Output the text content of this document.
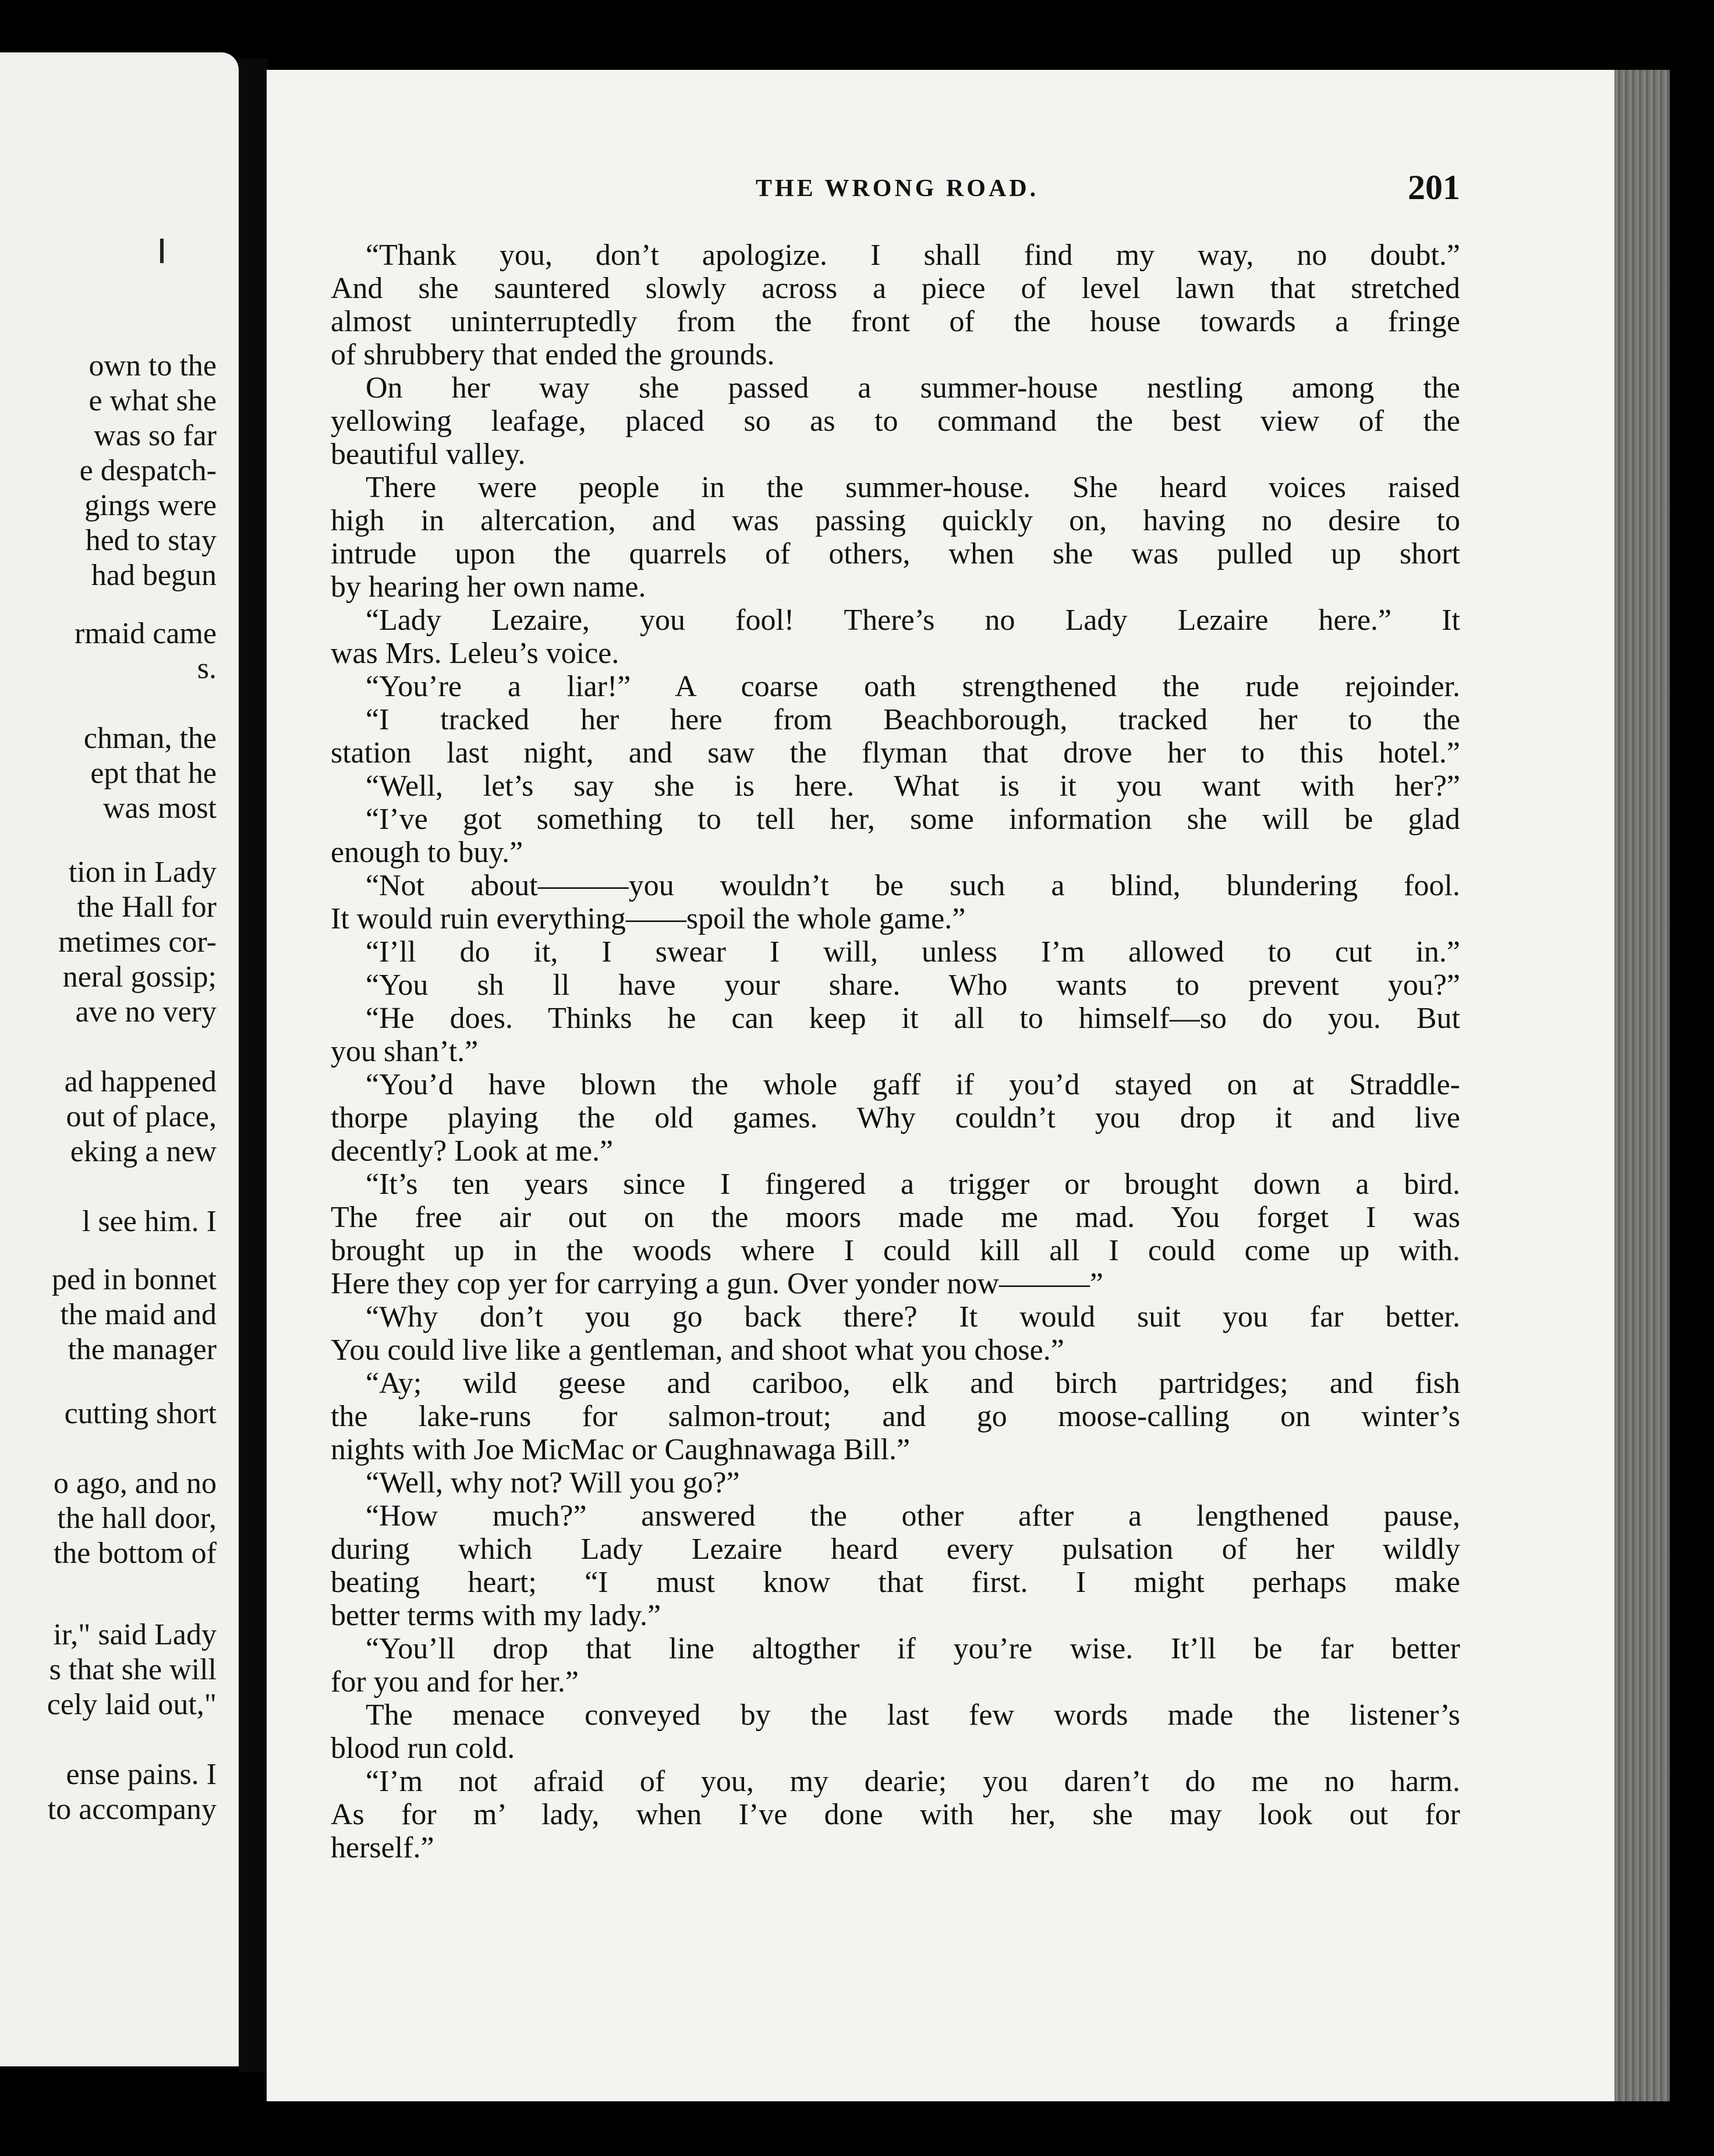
own to the
e what she
was so far
e despatch-
gings were
hed to stay
had begun
rmaid came
s.
chman, the
ept that he
was most
tion in Lady
the Hall for
metimes cor-
neral gossip;
ave no very
ad happened
out of place,
eking a new
l see him. I
ped in bonnet
the maid and
the manager
cutting short
o ago, and no
the hall door,
the bottom of
ir," said Lady
s that she will
cely laid out,"
ense pains. I
to accompany
THE WRONG ROAD.	201
“Thank you, don’t apologize. I shall find my way, no doubt.”
And she sauntered slowly across a piece of level lawn that stretched
almost uninterruptedly from the front of the house towards a fringe
of shrubbery that ended the grounds.
On her way she passed a summer-house nestling among the
yellowing leafage, placed so as to command the best view of the
beautiful valley.
There were people in the summer-house. She heard voices raised
high in altercation, and was passing quickly on, having no desire to
intrude upon the quarrels of others, when she was pulled up short
by hearing her own name.
“Lady Lezaire, you fool! There’s no Lady Lezaire here.” It
was Mrs. Leleu’s voice.
“You’re a liar!” A coarse oath strengthened the rude rejoinder.
“I tracked her here from Beachborough, tracked her to the
station last night, and saw the flyman that drove her to this hotel.”
“Well, let’s say she is here. What is it you want with her?”
“I’ve got something to tell her, some information she will be glad
enough to buy.”
“Not about———you wouldn’t be such a blind, blundering fool.
It would ruin everything——spoil the whole game.”
“I’ll do it, I swear I will, unless I’m allowed to cut in.”
“You sh ll have your share. Who wants to prevent you?”
“He does. Thinks he can keep it all to himself—so do you. But
you shan’t.”
“You’d have blown the whole gaff if you’d stayed on at Straddle-
thorpe playing the old games. Why couldn’t you drop it and live
decently? Look at me.”
“It’s ten years since I fingered a trigger or brought down a bird.
The free air out on the moors made me mad. You forget I was
brought up in the woods where I could kill all I could come up with.
Here they cop yer for carrying a gun. Over yonder now———”
“Why don’t you go back there? It would suit you far better.
You could live like a gentleman, and shoot what you chose.”
“Ay; wild geese and cariboo, elk and birch partridges; and fish
the lake-runs for salmon-trout; and go moose-calling on winter’s
nights with Joe MicMac or Caughnawaga Bill.”
“Well, why not? Will you go?”
“How much?” answered the other after a lengthened pause,
during which Lady Lezaire heard every pulsation of her wildly
beating heart; “I must know that first. I might perhaps make
better terms with my lady.”
“You’ll drop that line altogther if you’re wise. It’ll be far better
for you and for her.”
The menace conveyed by the last few words made the listener’s
blood run cold.
“I’m not afraid of you, my dearie; you daren’t do me no harm.
As for m’ lady, when I’ve done with her, she may look out for
herself.”
